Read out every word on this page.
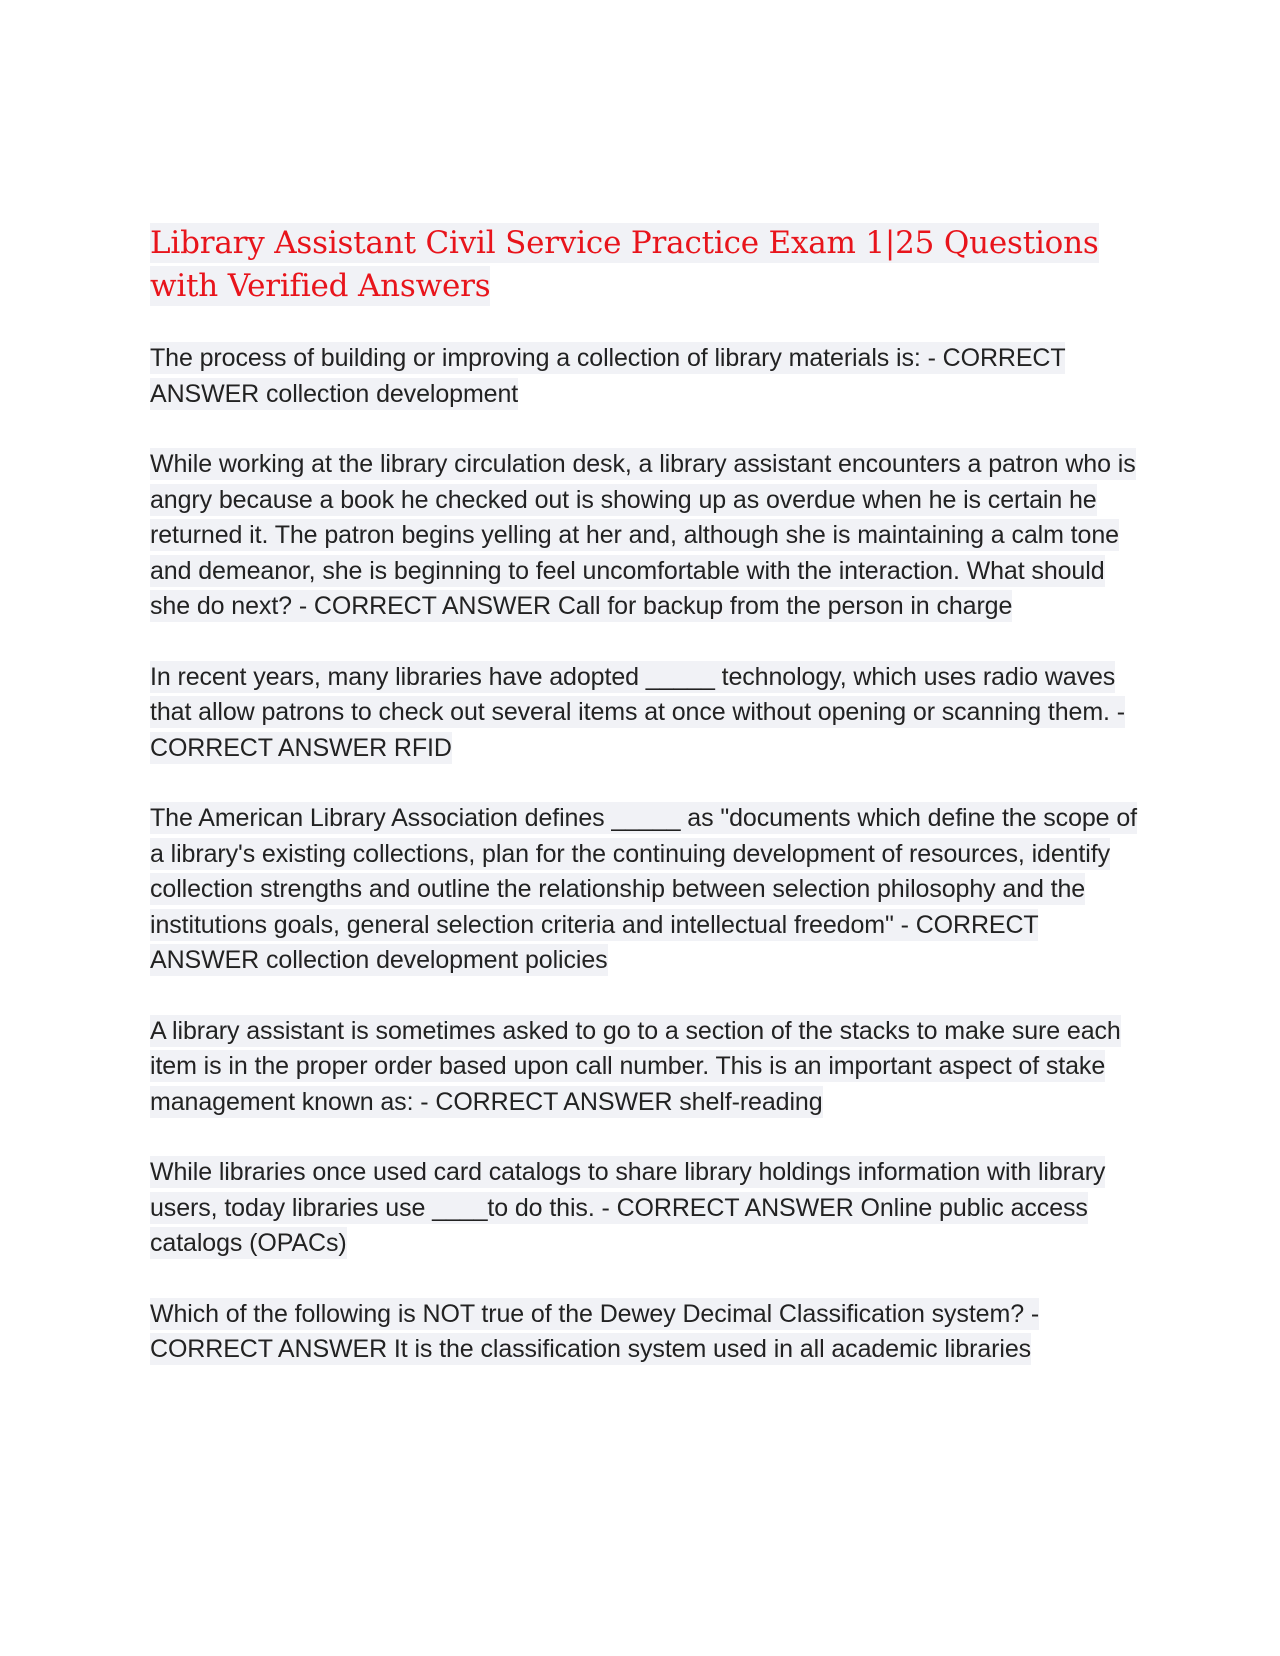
Library Assistant Civil Service Practice Exam 1|25 Questions with Verified Answers

The process of building or improving a collection of library materials is: - CORRECT ANSWER collection development

While working at the library circulation desk, a library assistant encounters a patron who is angry because a book he checked out is showing up as overdue when he is certain he returned it. The patron begins yelling at her and, although she is maintaining a calm tone and demeanor, she is beginning to feel uncomfortable with the interaction. What should she do next? - CORRECT ANSWER Call for backup from the person in charge

In recent years, many libraries have adopted _____ technology, which uses radio waves that allow patrons to check out several items at once without opening or scanning them. - CORRECT ANSWER RFID

The American Library Association defines _____ as "documents which define the scope of a library's existing collections, plan for the continuing development of resources, identify collection strengths and outline the relationship between selection philosophy and the institutions goals, general selection criteria and intellectual freedom" - CORRECT ANSWER collection development policies

A library assistant is sometimes asked to go to a section of the stacks to make sure each item is in the proper order based upon call number. This is an important aspect of stake management known as: - CORRECT ANSWER shelf-reading

While libraries once used card catalogs to share library holdings information with library users, today libraries use ____to do this. - CORRECT ANSWER Online public access catalogs (OPACs)

Which of the following is NOT true of the Dewey Decimal Classification system? - CORRECT ANSWER It is the classification system used in all academic libraries
